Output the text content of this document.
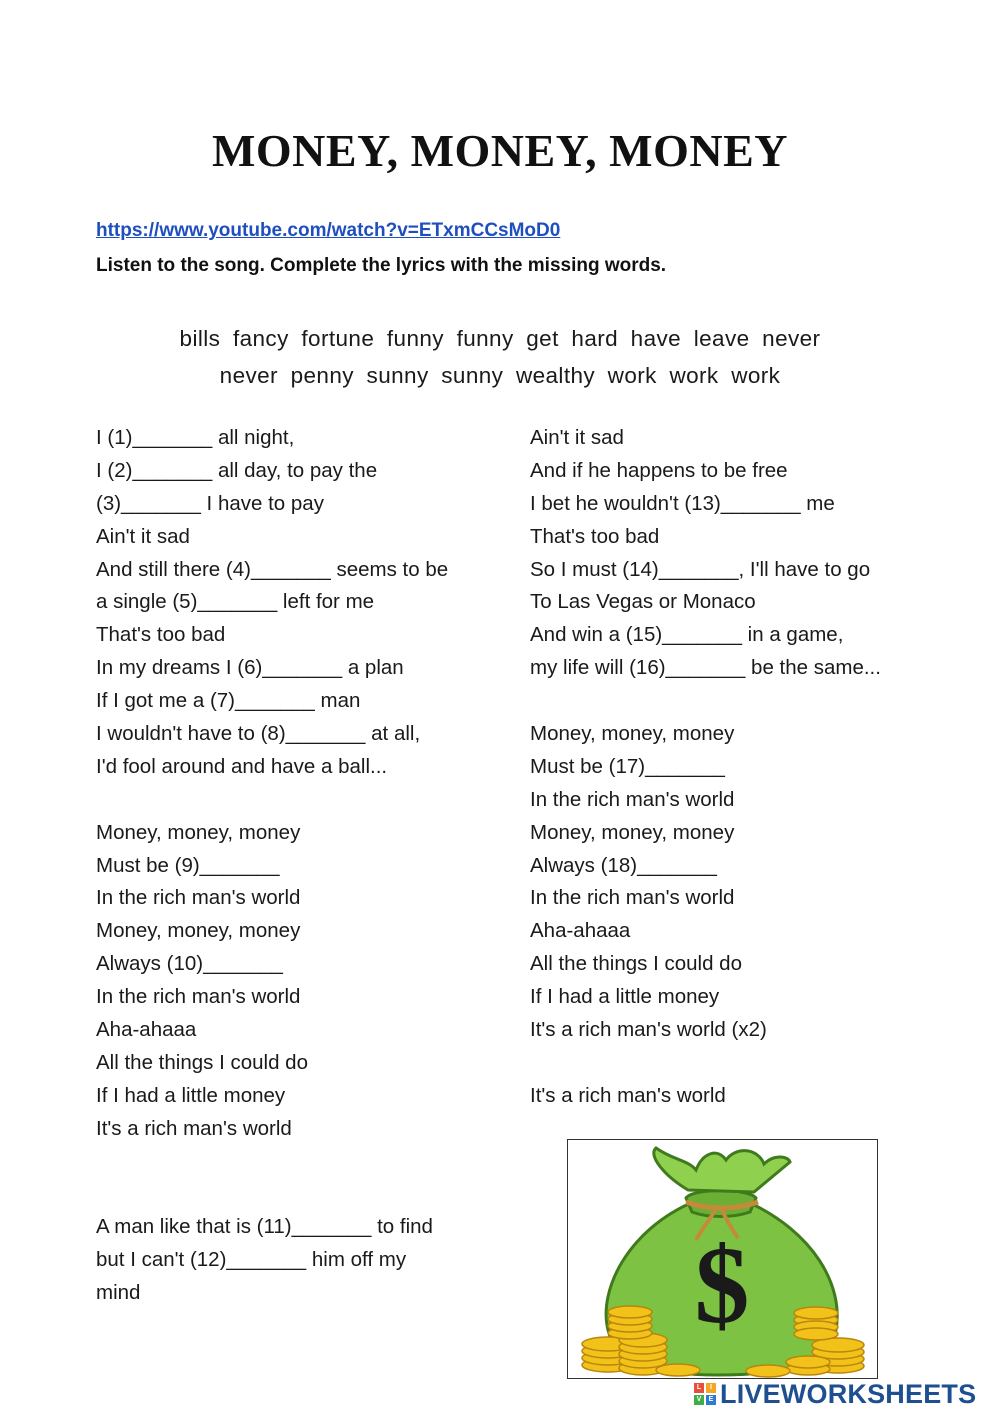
MONEY, MONEY, MONEY
https://www.youtube.com/watch?v=ETxmCCsMoD0
Listen to the song. Complete the lyrics with the missing words.
bills fancy fortune funny funny get hard have leave never
never penny sunny sunny wealthy work work work
I (1)_______ all night,
I (2)_______ all day, to pay the
(3)_______ I have to pay
Ain't it sad
And still there (4)_______ seems to be
a single (5)_______ left for me
That's too bad
In my dreams I (6)_______ a plan
If I got me a (7)_______ man
I wouldn't have to (8)_______ at all,
I'd fool around and have a ball...
Money, money, money
Must be (9)_______
In the rich man's world
Money, money, money
Always (10)_______
In the rich man's world
Aha-ahaaa
All the things I could do
If I had a little money
It's a rich man's world
A man like that is (11)_______ to find
but I can't (12)_______ him off my
mind
Ain't it sad
And if he happens to be free
I bet he wouldn't (13)_______ me
That's too bad
So I must (14)_______, I'll have to go
To Las Vegas or Monaco
And win a (15)_______ in a game,
my life will (16)_______ be the same...
Money, money, money
Must be (17)_______
In the rich man's world
Money, money, money
Always (18)_______
In the rich man's world
Aha-ahaaa
All the things I could do
If I had a little money
It's a rich man's world (x2)
It's a rich man's world
$
L	I
V	E LIVEWORKSHEETS
